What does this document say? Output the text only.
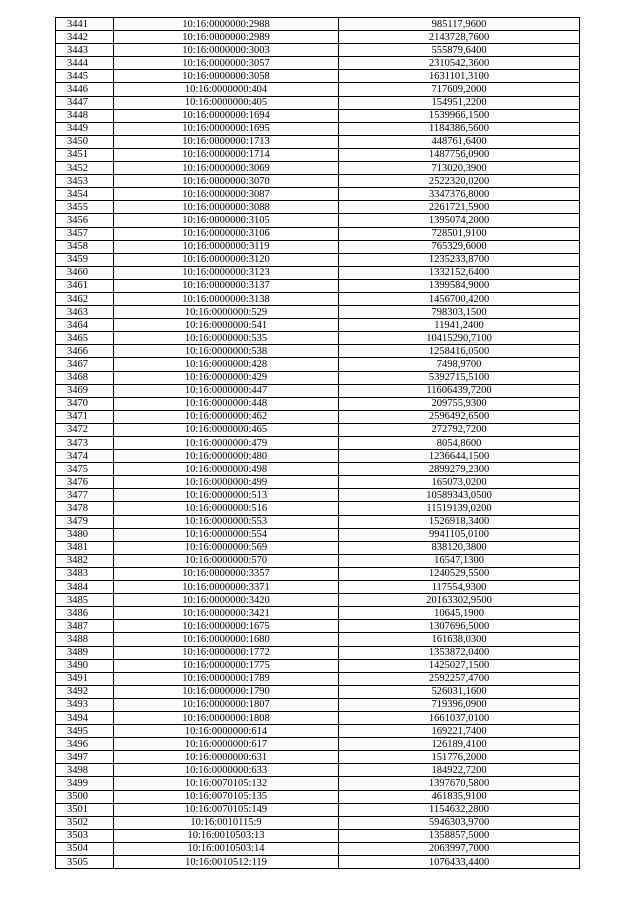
3441	10:16:0000000:2988	985117,9600
3442	10:16:0000000:2989	2143728,7600
3443	10:16:0000000:3003	555879,6400
3444	10:16:0000000:3057	2310542,3600
3445	10:16:0000000:3058	1631101,3100
3446	10:16:0000000:404	717609,2000
3447	10:16:0000000:405	154951,2200
3448	10:16:0000000:1694	1539966,1500
3449	10:16:0000000:1695	1184386,5600
3450	10:16:0000000:1713	448761,6400
3451	10:16:0000000:1714	1487756,0900
3452	10:16:0000000:3069	713020,3900
3453	10:16:0000000:3070	2522320,0200
3454	10:16:0000000:3087	3347376,8000
3455	10:16:0000000:3088	2261721,5900
3456	10:16:0000000:3105	1395074,2000
3457	10:16:0000000:3106	728501,9100
3458	10:16:0000000:3119	765329,6000
3459	10:16:0000000:3120	1235233,8700
3460	10:16:0000000:3123	1332152,6400
3461	10:16:0000000:3137	1399584,9000
3462	10:16:0000000:3138	1456700,4200
3463	10:16:0000000:529	798303,1500
3464	10:16:0000000:541	11941,2400
3465	10:16:0000000:535	10415290,7100
3466	10:16:0000000:538	1258416,0500
3467	10:16:0000000:428	7498,9700
3468	10:16:0000000:429	5392715,5100
3469	10:16:0000000:447	11606439,7200
3470	10:16:0000000:448	209755,9300
3471	10:16:0000000:462	2596492,6500
3472	10:16:0000000:465	272792,7200
3473	10:16:0000000:479	8054,8600
3474	10:16:0000000:480	1236644,1500
3475	10:16:0000000:498	2899279,2300
3476	10:16:0000000:499	165073,0200
3477	10:16:0000000:513	10589343,0500
3478	10:16:0000000:516	11519139,0200
3479	10:16:0000000:553	1526918,3400
3480	10:16:0000000:554	9941105,0100
3481	10:16:0000000:569	838120,3800
3482	10:16:0000000:570	16547,1300
3483	10:16:0000000:3357	1240529,5500
3484	10:16:0000000:3371	117554,9300
3485	10:16:0000000:3420	20163302,9500
3486	10:16:0000000:3421	10645,1900
3487	10:16:0000000:1675	1307696,5000
3488	10:16:0000000:1680	161638,0300
3489	10:16:0000000:1772	1353872,0400
3490	10:16:0000000:1775	1425027,1500
3491	10:16:0000000:1789	2592257,4700
3492	10:16:0000000:1790	526031,1600
3493	10:16:0000000:1807	719396,0900
3494	10:16:0000000:1808	1661037,0100
3495	10:16:0000000:614	169221,7400
3496	10:16:0000000:617	126189,4100
3497	10:16:0000000:631	151776,2000
3498	10:16:0000000:633	184922,7200
3499	10:16:0070105:132	1397670,5800
3500	10:16:0070105:135	461835,9100
3501	10:16:0070105:149	1154632,2800
3502	10:16:0010115:9	5946303,9700
3503	10:16:0010503:13	1358857,5000
3504	10:16:0010503:14	2063997,7000
3505	10:16:0010512:119	1076433,4400
